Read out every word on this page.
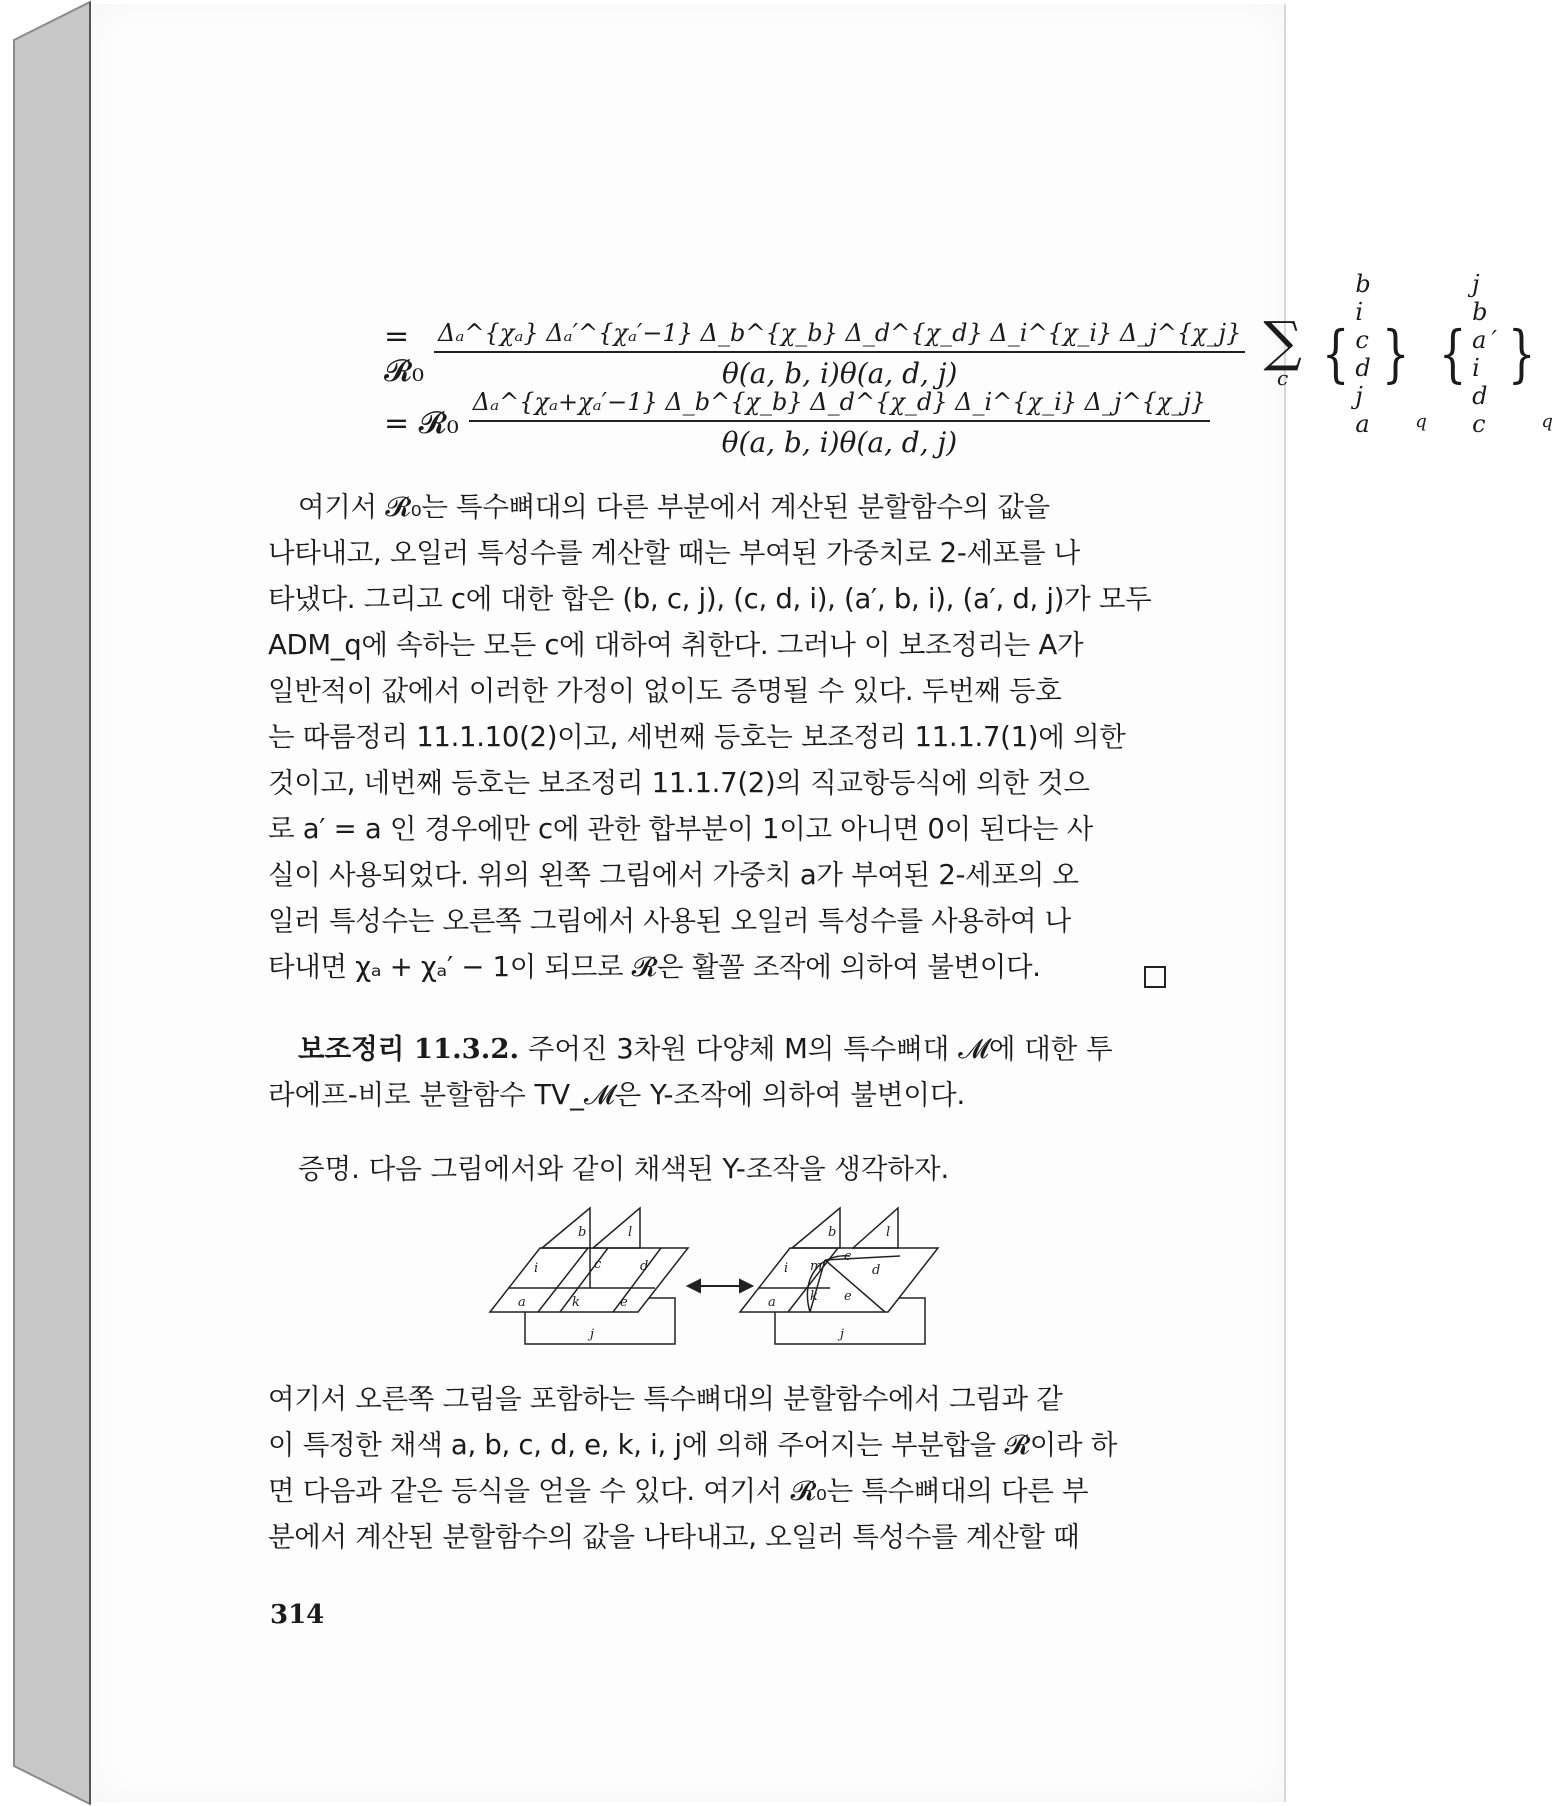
= 𝓡₀ $\frac{\text{Δₐ\textasciicircum{}\{χₐ\} Δₐ′\textasciicircum{}\{χₐ′−1\} Δ\_b\textasciicircum{}\{χ\_b\} Δ\_d\textasciicircum{}\{χ\_d\} Δ\_i\textasciicircum{}\{χ\_i\} Δ\_j\textasciicircum{}\{χ\_j\}}}{\theta(a, b, i)\theta(a, d, j)}$ ∑
c {
b i c
d j a
}
q
{
j b a′
i d c
}
q
= 𝓡₀ $\frac{\text{Δₐ\textasciicircum{}\{χₐ+χₐ′−1\} Δ\_b\textasciicircum{}\{χ\_b\} Δ\_d\textasciicircum{}\{χ\_d\} Δ\_i\textasciicircum{}\{χ\_i\} Δ\_j\textasciicircum{}\{χ\_j\}}}{\theta(a, b, i)\theta(a, d, j)}$
여기서 𝓡₀는 특수뼈대의 다른 부분에서 계산된 분할함수의 값을
나타내고, 오일러 특성수를 계산할 때는 부여된 가중치로 2-세포를 나
타냈다. 그리고 c에 대한 합은 (b, c, j), (c, d, i), (a′, b, i), (a′, d, j)가 모두
ADM_q에 속하는 모든 c에 대하여 취한다. 그러나 이 보조정리는 A가
일반적이 값에서 이러한 가정이 없이도 증명될 수 있다. 두번째 등호
는 따름정리 11.1.10(2)이고, 세번째 등호는 보조정리 11.1.7(1)에 의한
것이고, 네번째 등호는 보조정리 11.1.7(2)의 직교항등식에 의한 것으
로 a′ = a 인 경우에만 c에 관한 합부분이 1이고 아니면 0이 된다는 사
실이 사용되었다. 위의 왼쪽 그림에서 가중치 a가 부여된 2-세포의 오
일러 특성수는 오른쪽 그림에서 사용된 오일러 특성수를 사용하여 나
타내면 χₐ + χₐ′ − 1이 되므로 𝓡은 활꼴 조작에 의하여 불변이다.
보조정리 11.3.2. 주어진 3차원 다양체 M의 특수뼈대 𝓜에 대한 투
라에프-비로 분할함수 TV_𝓜은 Y-조작에 의하여 불변이다.
증명. 다음 그림에서와 같이 채색된 Y-조작을 생각하자.
b	l
i	c	d
a	k	e
j
b	l
i m
c
d
a	k e
j
여기서 오른쪽 그림을 포함하는 특수뼈대의 분할함수에서 그림과 같
이 특정한 채색 a, b, c, d, e, k, i, j에 의해 주어지는 부분합을 𝓡이라 하
면 다음과 같은 등식을 얻을 수 있다. 여기서 𝓡₀는 특수뼈대의 다른 부
분에서 계산된 분할함수의 값을 나타내고, 오일러 특성수를 계산할 때
314
